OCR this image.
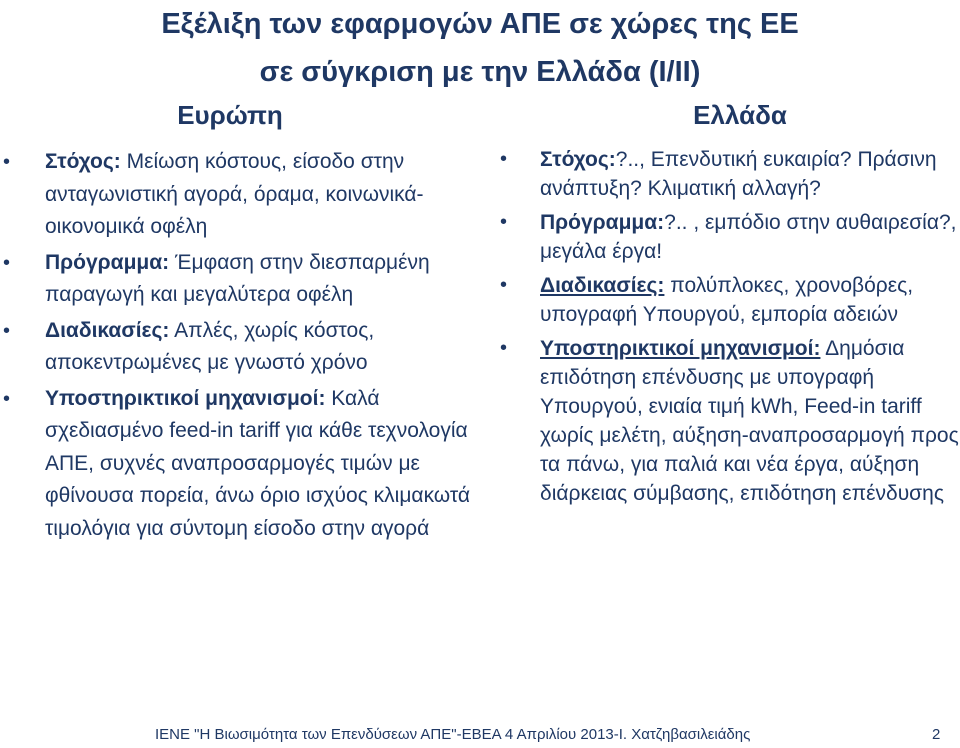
Εξέλιξη των εφαρμογών ΑΠΕ σε χώρες της ΕΕ
σε σύγκριση με την Ελλάδα (I/II)
Ευρώπη	Ελλάδα
• Στόχος: Μείωση κόστους, είσοδο στην ανταγωνιστική αγορά, όραμα, κοινωνικά-οικονομικά οφέλη
• Πρόγραμμα: Έμφαση στην διεσπαρμένη παραγωγή και μεγαλύτερα οφέλη
• Διαδικασίες: Απλές, χωρίς κόστος, αποκεντρωμένες με γνωστό χρόνο
• Υποστηρικτικοί μηχανισμοί: Καλά σχεδιασμένο feed-in tariff για κάθε τεχνολογία ΑΠΕ, συχνές αναπροσαρμογές τιμών με φθίνουσα πορεία, άνω όριο ισχύος κλιμακωτά τιμολόγια για σύντομη είσοδο στην αγορά
• Στόχος:?.., Επενδυτική ευκαιρία? Πράσινη ανάπτυξη? Κλιματική αλλαγή?
• Πρόγραμμα:?.. , εμπόδιο στην αυθαιρεσία?, μεγάλα έργα!
• Διαδικασίες: πολύπλοκες, χρονοβόρες, υπογραφή Υπουργού, εμπορία αδειών
• Υποστηρικτικοί μηχανισμοί: Δημόσια επιδότηση επένδυσης με υπογραφή Υπουργού, ενιαία τιμή kWh, Feed-in tariff χωρίς μελέτη, αύξηση-αναπροσαρμογή προς τα πάνω, για παλιά και νέα έργα, αύξηση διάρκειας σύμβασης, επιδότηση επένδυσης
ΙΕΝΕ "Η Βιωσιμότητα των Επενδύσεων ΑΠΕ"-ΕΒΕΑ 4 Απριλίου 2013-Ι. Χατζηβασιλειάδης	2
